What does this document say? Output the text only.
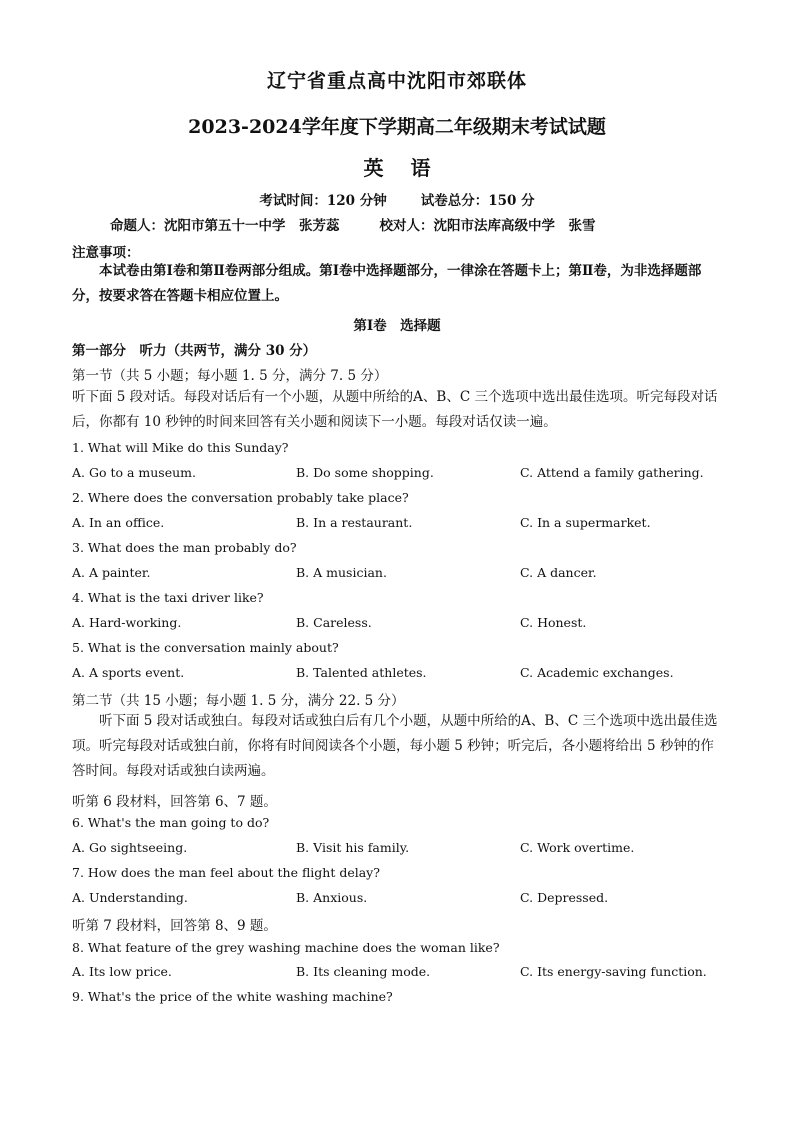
辽宁省重点高中沈阳市郊联体
2023-2024学年度下学期高二年级期末考试试题
英 语
考试时间：120 分钟	试卷总分：150 分
命题人：沈阳市第五十一中学　张芳蕊	校对人：沈阳市法库高级中学　张雪
注意事项：
本试卷由第Ⅰ卷和第Ⅱ卷两部分组成。第Ⅰ卷中选择题部分，一律涂在答题卡上；第Ⅱ卷，为非选择题部分，按要求答在答题卡相应位置上。
第Ⅰ卷　选择题
第一部分　听力（共两节，满分 30 分）
第一节（共 5 小题；每小题 1. 5 分，满分 7. 5 分）
听下面 5 段对话。每段对话后有一个小题，从题中所给的A、B、C 三个选项中选出最佳选项。听完每段对话后，你都有 10 秒钟的时间来回答有关小题和阅读下一小题。每段对话仅读一遍。
1. What will Mike do this Sunday?
A. Go to a museum.	B. Do some shopping.	C. Attend a family gathering.
2. Where does the conversation probably take place?
A. In an office.	B. In a restaurant.	C. In a supermarket.
3. What does the man probably do?
A. A painter.	B. A musician.	C. A dancer.
4. What is the taxi driver like?
A. Hard-working.	B. Careless.	C. Honest.
5. What is the conversation mainly about?
A. A sports event.	B. Talented athletes.	C. Academic exchanges.
第二节（共 15 小题；每小题 1. 5 分，满分 22. 5 分）
听下面 5 段对话或独白。每段对话或独白后有几个小题，从题中所给的A、B、C 三个选项中选出最佳选项。听完每段对话或独白前，你将有时间阅读各个小题，每小题 5 秒钟；听完后，各小题将给出 5 秒钟的作答时间。每段对话或独白读两遍。
听第 6 段材料，回答第 6、7 题。
6. What's the man going to do?
A. Go sightseeing.	B. Visit his family.	C. Work overtime.
7. How does the man feel about the flight delay?
A. Understanding.	B. Anxious.	C. Depressed.
听第 7 段材料，回答第 8、9 题。
8. What feature of the grey washing machine does the woman like?
A. Its low price.	B. Its cleaning mode.	C. Its energy-saving function.
9. What's the price of the white washing machine?
